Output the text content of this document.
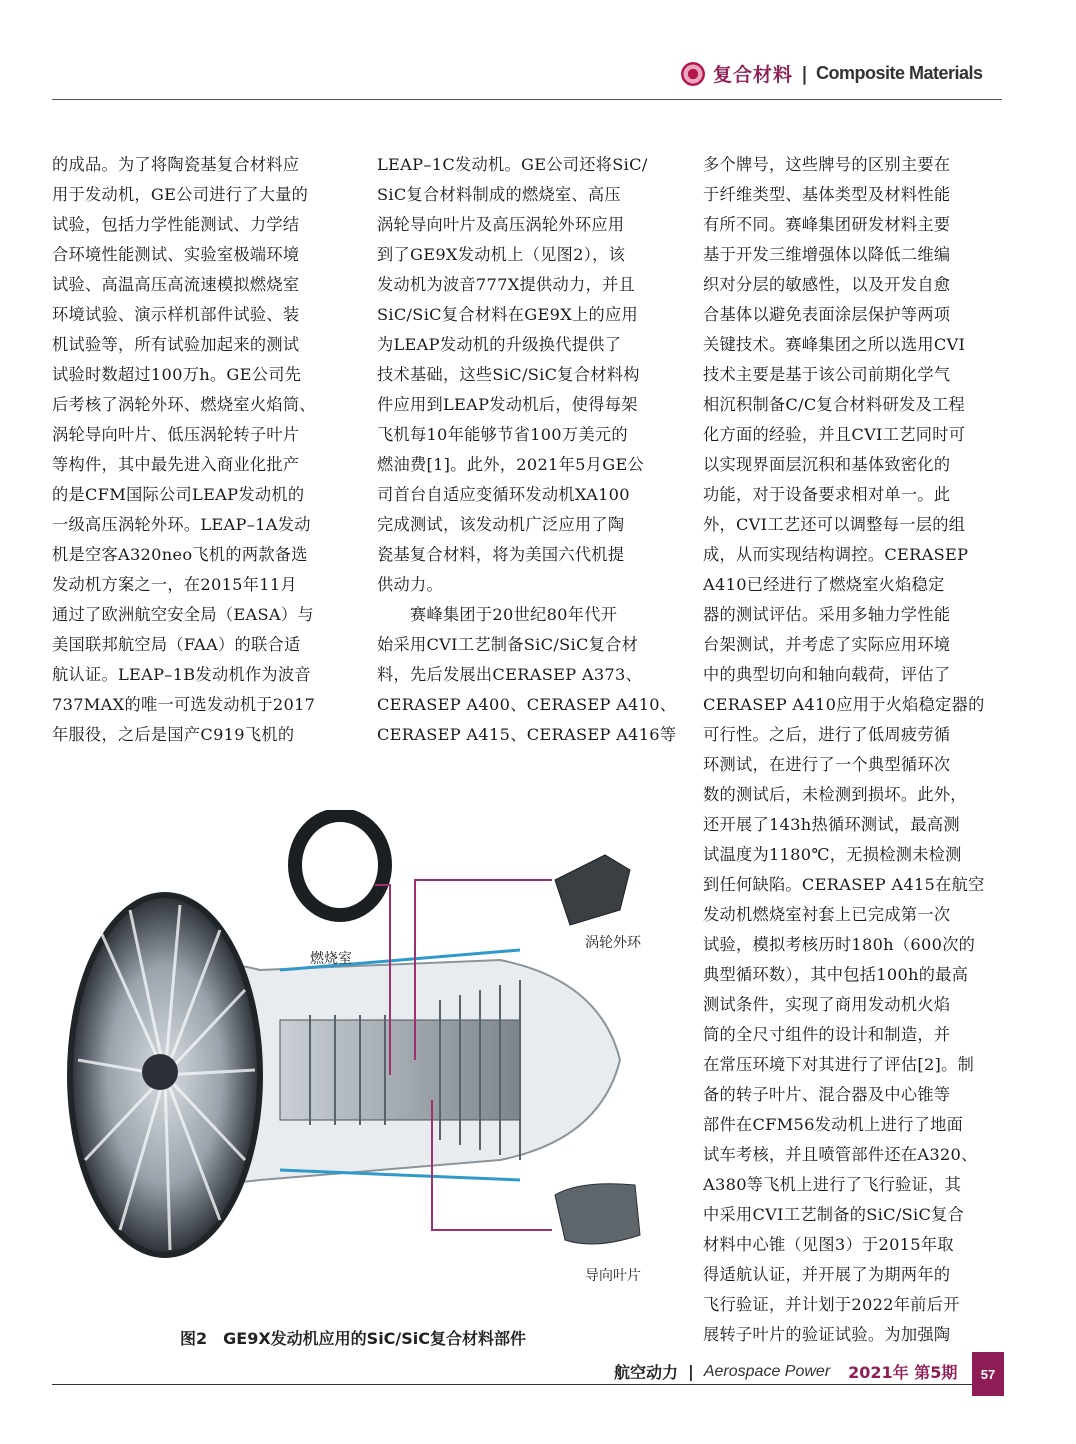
复合材料 | Composite Materials
的成品。为了将陶瓷基复合材料应
用于发动机，GE公司进行了大量的
试验，包括力学性能测试、力学结
合环境性能测试、实验室极端环境
试验、高温高压高流速模拟燃烧室
环境试验、演示样机部件试验、装
机试验等，所有试验加起来的测试
试验时数超过100万h。GE公司先
后考核了涡轮外环、燃烧室火焰筒、
涡轮导向叶片、低压涡轮转子叶片
等构件，其中最先进入商业化批产
的是CFM国际公司LEAP发动机的
一级高压涡轮外环。LEAP–1A发动
机是空客A320neo飞机的两款备选
发动机方案之一，在2015年11月
通过了欧洲航空安全局（EASA）与
美国联邦航空局（FAA）的联合适
航认证。LEAP–1B发动机作为波音
737MAX的唯一可选发动机于2017
年服役，之后是国产C919飞机的
LEAP–1C发动机。GE公司还将SiC/
SiC复合材料制成的燃烧室、高压
涡轮导向叶片及高压涡轮外环应用
到了GE9X发动机上（见图2），该
发动机为波音777X提供动力，并且
SiC/SiC复合材料在GE9X上的应用
为LEAP发动机的升级换代提供了
技术基础，这些SiC/SiC复合材料构
件应用到LEAP发动机后，使得每架
飞机每10年能够节省100万美元的
燃油费[1]。此外，2021年5月GE公
司首台自适应变循环发动机XA100
完成测试，该发动机广泛应用了陶
瓷基复合材料，将为美国六代机提
供动力。
　　赛峰集团于20世纪80年代开
始采用CVI工艺制备SiC/SiC复合材
料，先后发展出CERASEP A373、
CERASEP A400、CERASEP A410、
CERASEP A415、CERASEP A416等
多个牌号，这些牌号的区别主要在
于纤维类型、基体类型及材料性能
有所不同。赛峰集团研发材料主要
基于开发三维增强体以降低二维编
织对分层的敏感性，以及开发自愈
合基体以避免表面涂层保护等两项
关键技术。赛峰集团之所以选用CVI
技术主要是基于该公司前期化学气
相沉积制备C/C复合材料研发及工程
化方面的经验，并且CVI工艺同时可
以实现界面层沉积和基体致密化的
功能，对于设备要求相对单一。此
外，CVI工艺还可以调整每一层的组
成，从而实现结构调控。CERASEP
A410已经进行了燃烧室火焰稳定
器的测试评估。采用多轴力学性能
台架测试，并考虑了实际应用环境
中的典型切向和轴向载荷，评估了
CERASEP A410应用于火焰稳定器的
可行性。之后，进行了低周疲劳循
环测试，在进行了一个典型循环次
数的测试后，未检测到损坏。此外，
还开展了143h热循环测试，最高测
试温度为1180℃，无损检测未检测
到任何缺陷。CERASEP A415在航空
发动机燃烧室衬套上已完成第一次
试验，模拟考核历时180h（600次的
典型循环数），其中包括100h的最高
测试条件，实现了商用发动机火焰
筒的全尺寸组件的设计和制造，并
在常压环境下对其进行了评估[2]。制
备的转子叶片、混合器及中心锥等
部件在CFM56发动机上进行了地面
试车考核，并且喷管部件还在A320、
A380等飞机上进行了飞行验证，其
中采用CVI工艺制备的SiC/SiC复合
材料中心锥（见图3）于2015年取
得适航认证，并开展了为期两年的
飞行验证，并计划于2022年前后开
展转子叶片的验证试验。为加强陶
燃烧室
涡轮外环
导向叶片
图2　GE9X发动机应用的SiC/SiC复合材料部件
航空动力 | Aerospace Power 2021年 第5期	57
